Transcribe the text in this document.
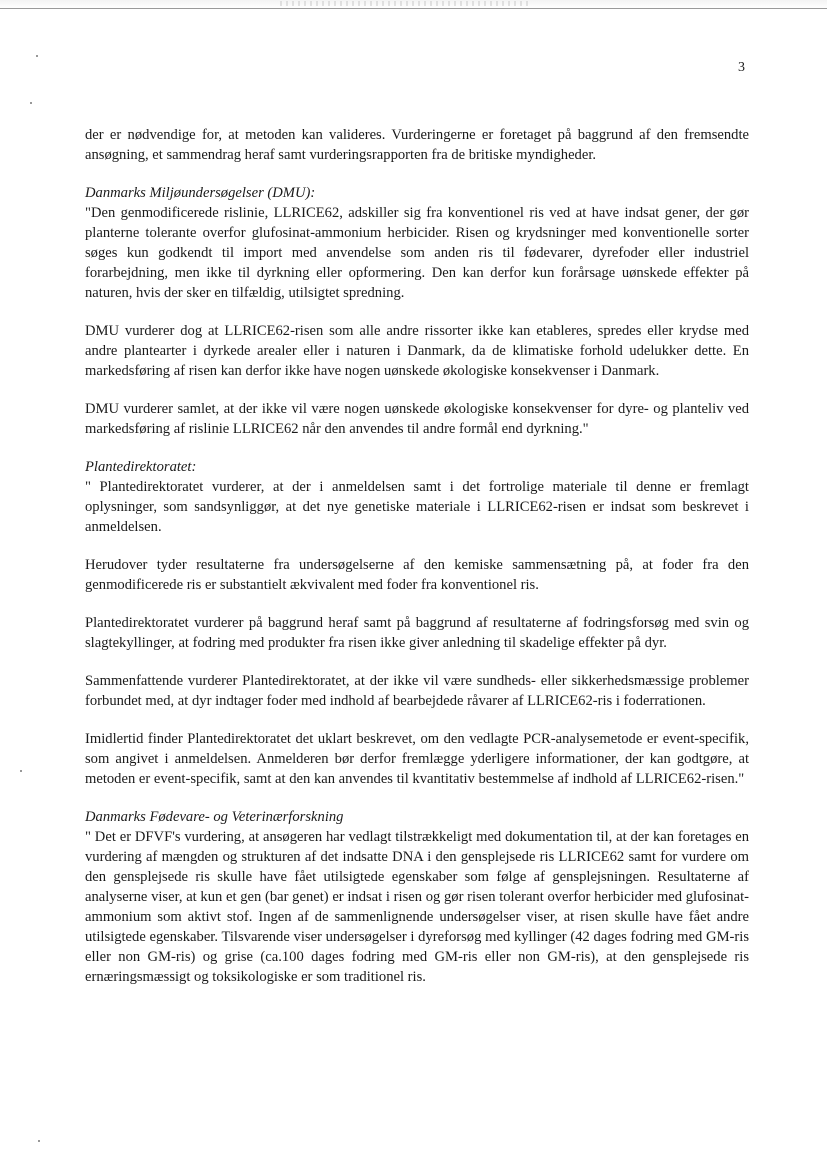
3

der er nødvendige for, at metoden kan valideres. Vurderingerne er foretaget på baggrund af den fremsendte ansøgning, et sammendrag heraf samt vurderingsrapporten fra de britiske myndigheder.

Danmarks Miljøundersøgelser (DMU):

"Den genmodificerede rislinie, LLRICE62, adskiller sig fra konventionel ris ved at have indsat gener, der gør planterne tolerante overfor glufosinat-ammonium herbicider. Risen og krydsninger med konventionelle sorter søges kun godkendt til import med anvendelse som anden ris til fødevarer, dyrefoder eller industriel forarbejdning, men ikke til dyrkning eller opformering. Den kan derfor kun forårsage uønskede effekter på naturen, hvis der sker en tilfældig, utilsigtet spredning.

DMU vurderer dog at LLRICE62-risen som alle andre rissorter ikke kan etableres, spredes eller krydse med andre plantearter i dyrkede arealer eller i naturen i Danmark, da de klimatiske forhold udelukker dette. En markedsføring af risen kan derfor ikke have nogen uønskede økologiske konsekvenser i Danmark.

DMU vurderer samlet, at der ikke vil være nogen uønskede økologiske konsekvenser for dyre- og planteliv ved markedsføring af rislinie LLRICE62 når den anvendes til andre formål end dyrkning."

Plantedirektoratet:

" Plantedirektoratet vurderer, at der i anmeldelsen samt i det fortrolige materiale til denne er fremlagt oplysninger, som sandsynliggør, at det nye genetiske materiale i LLRICE62-risen er indsat som beskrevet i anmeldelsen.

Herudover tyder resultaterne fra undersøgelserne af den kemiske sammensætning på, at foder fra den genmodificerede ris er substantielt ækvivalent med foder fra konventionel ris.

Plantedirektoratet vurderer på baggrund heraf samt på baggrund af resultaterne af fodringsforsøg med svin og slagtekyllinger, at fodring med produkter fra risen ikke giver anledning til skadelige effekter på dyr.

Sammenfattende vurderer Plantedirektoratet, at der ikke vil være sundheds- eller sikkerhedsmæssige problemer forbundet med, at dyr indtager foder med indhold af bearbejdede råvarer af LLRICE62-ris i foderrationen.

Imidlertid finder Plantedirektoratet det uklart beskrevet, om den vedlagte PCR-analysemetode er event-specifik, som angivet i anmeldelsen. Anmelderen bør derfor fremlægge yderligere informationer, der kan godtgøre, at metoden er event-specifik, samt at den kan anvendes til kvantitativ bestemmelse af indhold af LLRICE62-risen."

Danmarks Fødevare- og Veterinærforskning

" Det er DFVF's vurdering, at ansøgeren har vedlagt tilstrækkeligt med dokumentation til, at der kan foretages en vurdering af mængden og strukturen af det indsatte DNA i den gensplejsede ris LLRICE62 samt for vurdere om den gensplejsede ris skulle have fået utilsigtede egenskaber som følge af gensplejsningen. Resultaterne af analyserne viser, at kun et gen (bar genet) er indsat i risen og gør risen tolerant overfor herbicider med glufosinat-ammonium som aktivt stof. Ingen af de sammenlignende undersøgelser viser, at risen skulle have fået andre utilsigtede egenskaber. Tilsvarende viser undersøgelser i dyreforsøg med kyllinger (42 dages fodring med GM-ris eller non GM-ris) og grise (ca.100 dages fodring med GM-ris eller non GM-ris), at den gensplejsede ris ernæringsmæssigt og toksikologiske er som traditionel ris.
